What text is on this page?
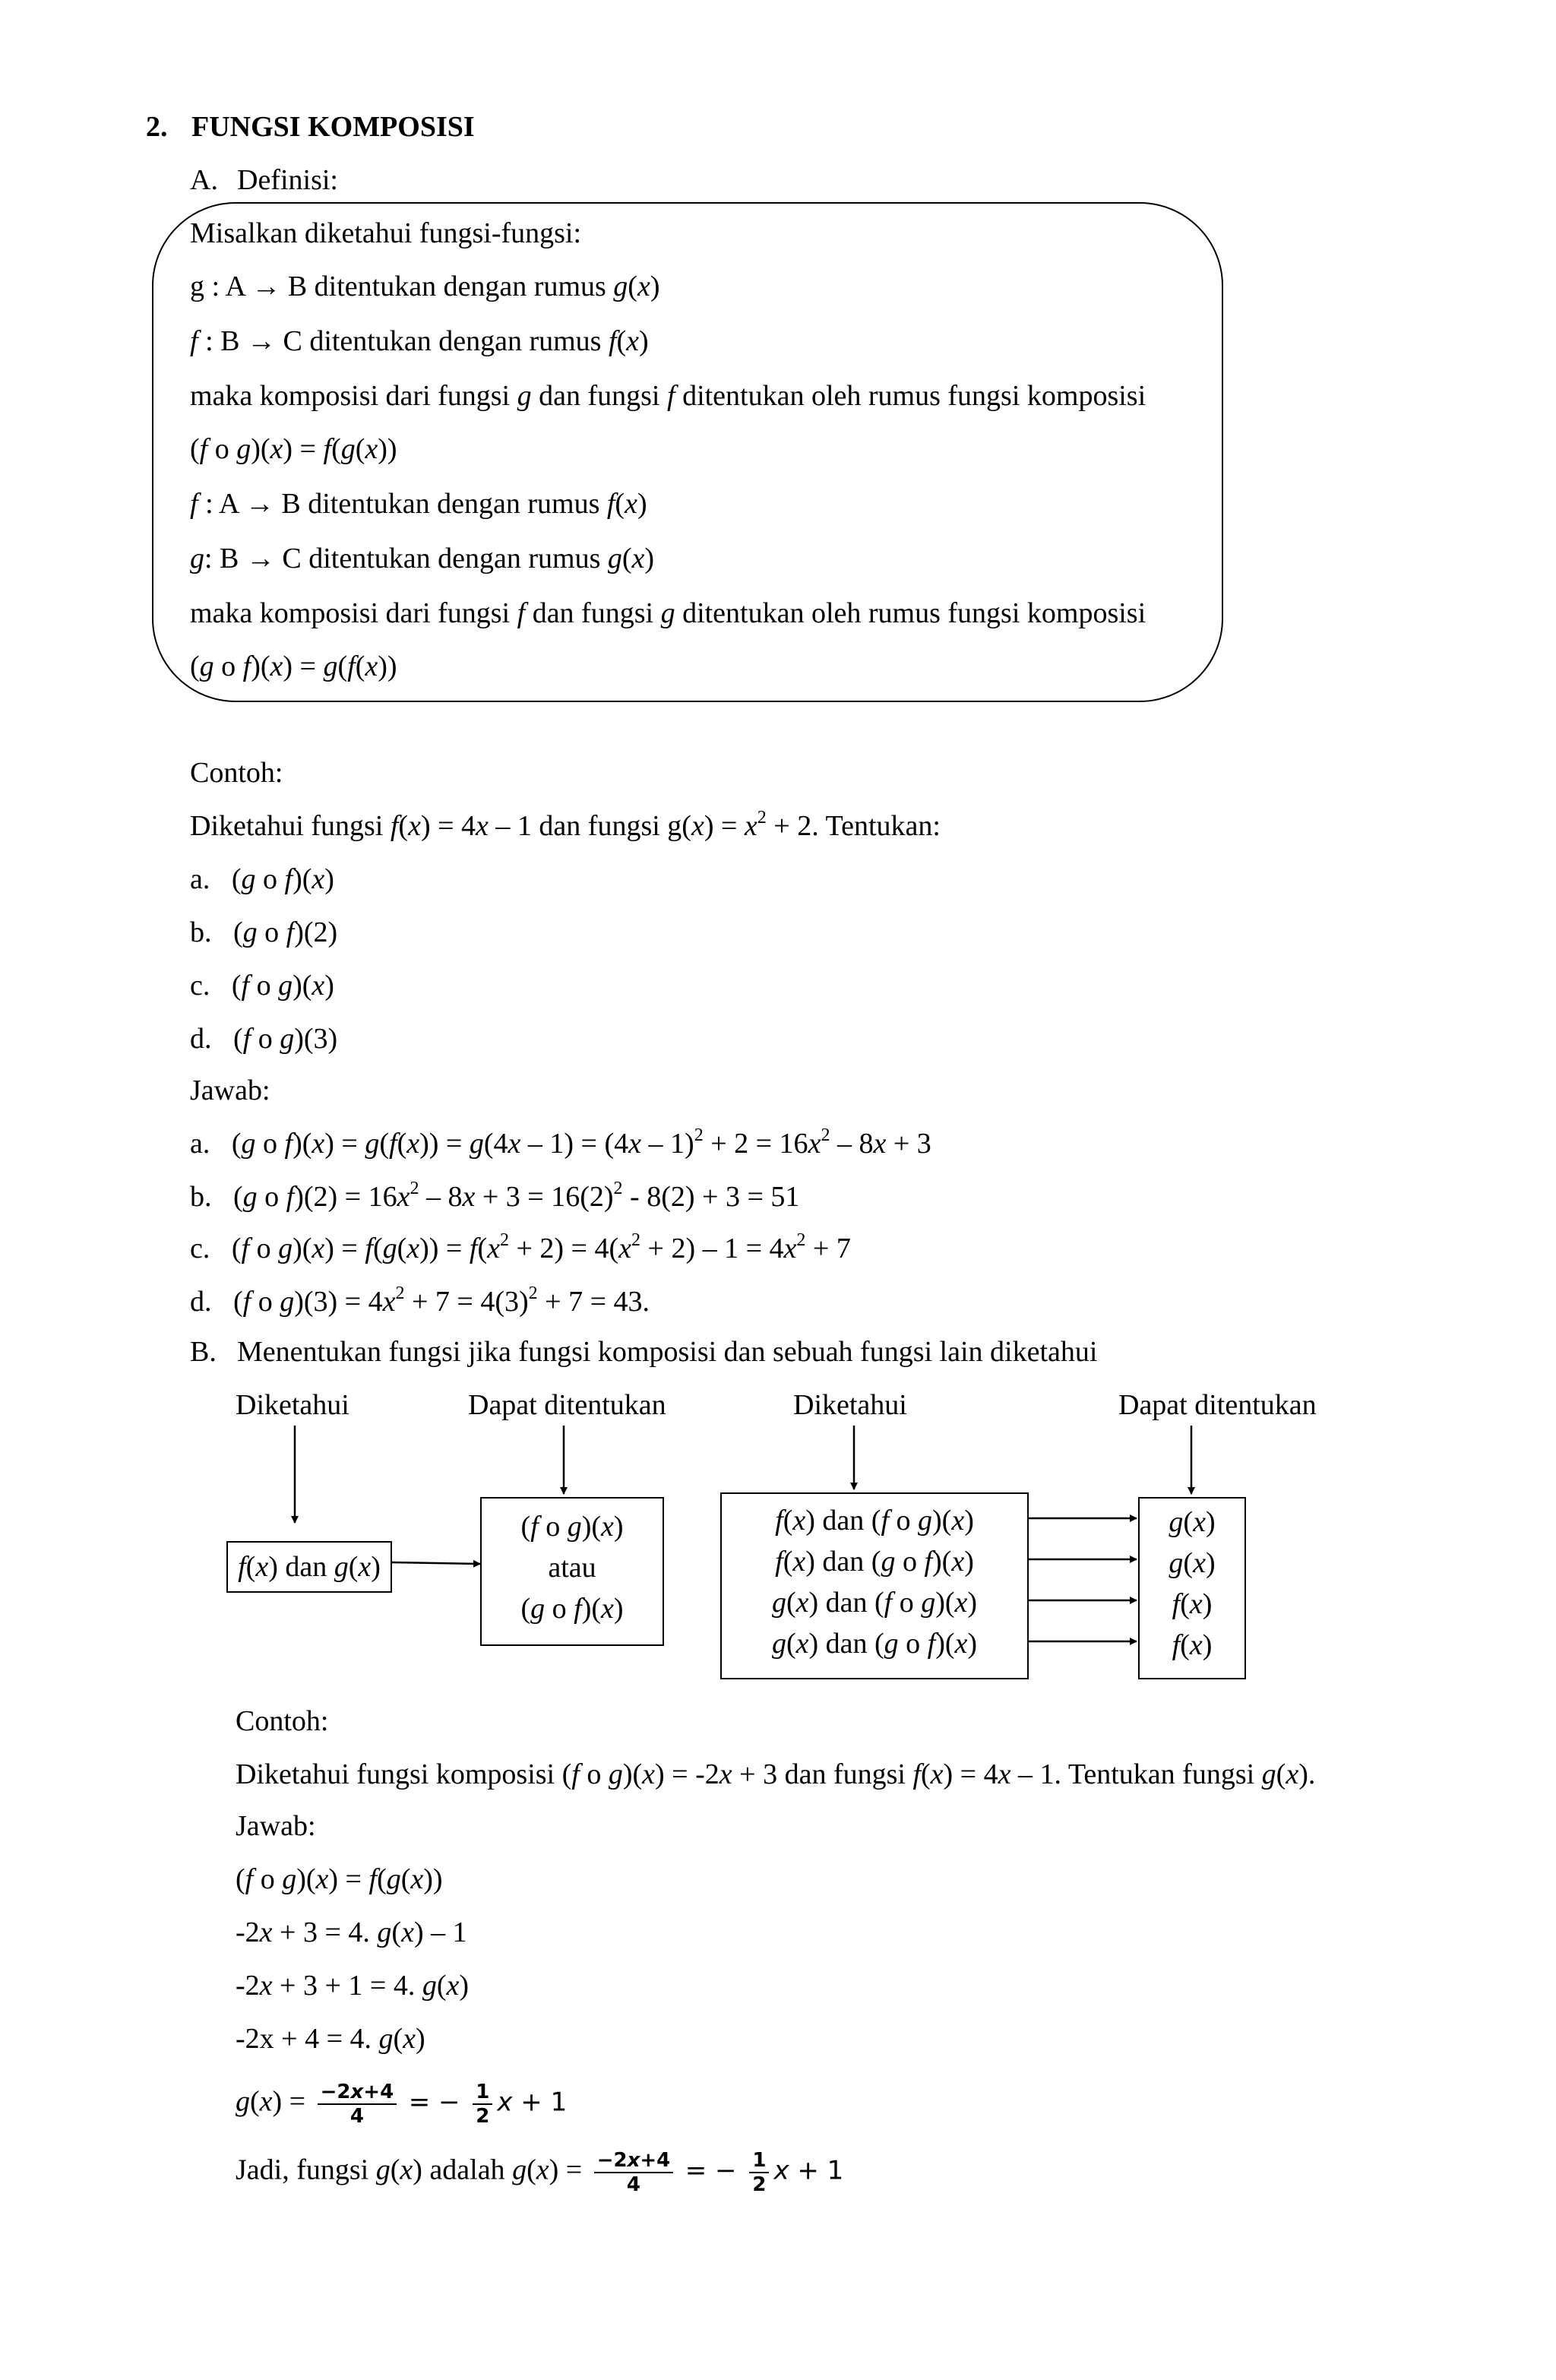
2. FUNGSI KOMPOSISI
A. Definisi:
Misalkan diketahui fungsi-fungsi:
g : A → B ditentukan dengan rumus g(x)
f : B → C ditentukan dengan rumus f(x)
maka komposisi dari fungsi g dan fungsi f ditentukan oleh rumus fungsi komposisi
(f o g)(x) = f(g(x))
f : A → B ditentukan dengan rumus f(x)
g: B → C ditentukan dengan rumus g(x)
maka komposisi dari fungsi f dan fungsi g ditentukan oleh rumus fungsi komposisi
(g o f)(x) = g(f(x))
Contoh:
Diketahui fungsi f(x) = 4x – 1 dan fungsi $g(x) = x^2 + 2$. Tentukan:
a.   (g o f)(x)
b.   (g o f)(2)
c.   (f o g)(x)
d.   (f o g)(3)
Jawab:
a.   (g o $f)(x) = g(f(x)) = g(4x - 1) = (4x - 1)^2 + 2 = 16x^2 - 8x + 3$
b.   (g o $f)(2) = 16x^2 - 8x + 3 = 16(2)^2 - 8(2) + 3 = 51$
c.   (f o $g)(x) = f(g(x)) = f(x^2 + 2) = 4(x^2 + 2) - 1 = 4x^2 + 7$
d.   (f o $g)(3) = 4x^2 + 7 = 4(3)^2 + 7 = 43$.
B. Menentukan fungsi jika fungsi komposisi dan sebuah fungsi lain diketahui
Diketahui	Dapat ditentukan	Diketahui	Dapat ditentukan
f(x) dan g(x)
(f o g)(x)
atau
(g o f)(x)
f(x) dan (f o g)(x)
f(x) dan (g o f)(x)
g(x) dan (f o g)(x)
g(x) dan (g o f)(x)
g(x)
g(x)
f(x)
f(x)
Contoh:
Diketahui fungsi komposisi (f o g)(x) = -2x + 3 dan fungsi f(x) = 4x – 1. Tentukan fungsi g(x).
Jawab:
(f o g)(x) = f(g(x))
-2x + 3 = 4. g(x) – 1
-2x + 3 + 1 = 4. g(x)
-2x + 4 = 4. g(x)
$g(x) = \frac{-2x+4}{4}$ = − $\frac{1}{2}$ x + 1
Jadi, fungsi g(x) adalah $g(x) = \frac{-2x+4}{4}$ = − $\frac{1}{2}$ x + 1
